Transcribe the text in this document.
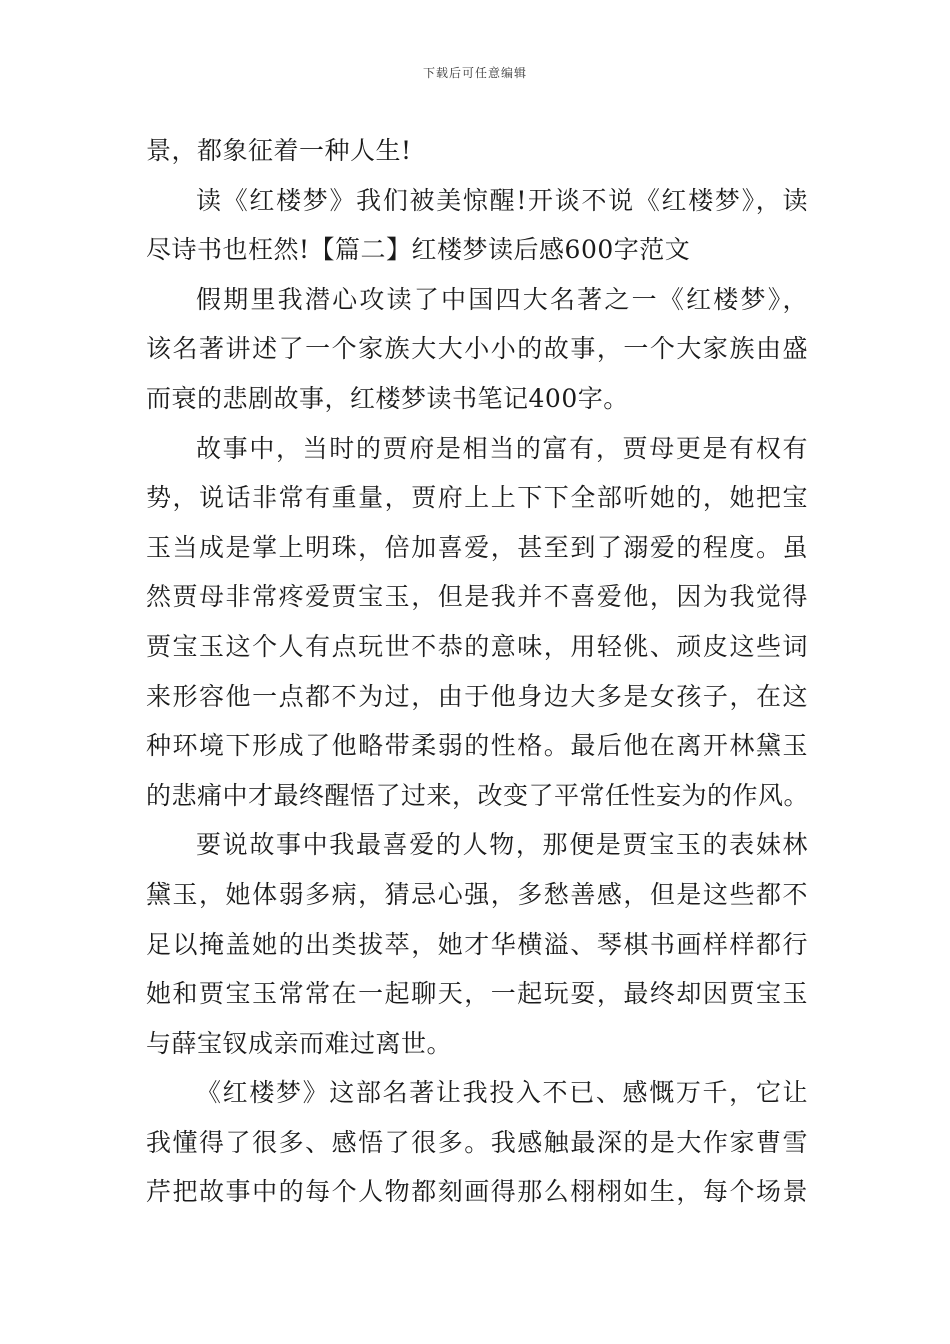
下载后可任意编辑
景，都象征着一种人生!
读《红楼梦》我们被美惊醒!开谈不说《红楼梦》，读
尽诗书也枉然!【篇二】红楼梦读后感600字范文
假期里我潜心攻读了中国四大名著之一《红楼梦》，
该名著讲述了一个家族大大小小的故事，一个大家族由盛
而衰的悲剧故事，红楼梦读书笔记400字。
故事中，当时的贾府是相当的富有，贾母更是有权有
势，说话非常有重量，贾府上上下下全部听她的，她把宝
玉当成是掌上明珠，倍加喜爱，甚至到了溺爱的程度。虽
然贾母非常疼爱贾宝玉，但是我并不喜爱他，因为我觉得
贾宝玉这个人有点玩世不恭的意味，用轻佻、顽皮这些词
来形容他一点都不为过，由于他身边大多是女孩子，在这
种环境下形成了他略带柔弱的性格。最后他在离开林黛玉
的悲痛中才最终醒悟了过来，改变了平常任性妄为的作风。
要说故事中我最喜爱的人物，那便是贾宝玉的表妹林
黛玉，她体弱多病，猜忌心强，多愁善感，但是这些都不
足以掩盖她的出类拔萃，她才华横溢、琴棋书画样样都行
她和贾宝玉常常在一起聊天，一起玩耍，最终却因贾宝玉
与薛宝钗成亲而难过离世。
《红楼梦》这部名著让我投入不已、感慨万千，它让
我懂得了很多、感悟了很多。我感触最深的是大作家曹雪
芹把故事中的每个人物都刻画得那么栩栩如生，每个场景
